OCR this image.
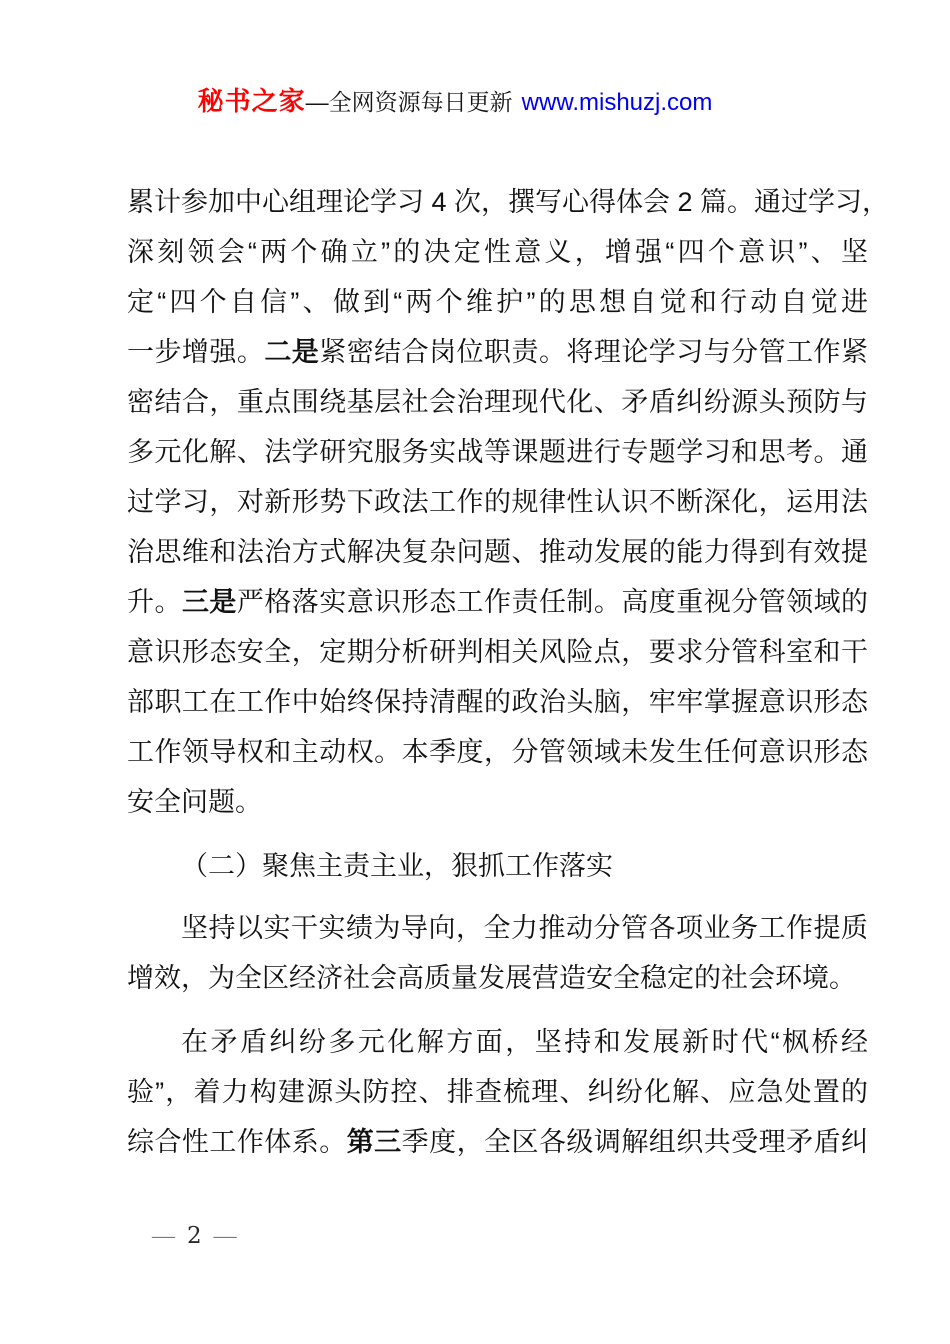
秘书之家—全网资源每日更新 www.mishuzj.com
累计参加中心组理论学习 4 次，撰写心得体会 2 篇。通过学习，
深刻领会“两个确立”的决定性意义，增强“四个意识”、坚
定“四个自信”、做到“两个维护”的思想自觉和行动自觉进
一步增强。二是紧密结合岗位职责。将理论学习与分管工作紧
密结合，重点围绕基层社会治理现代化、矛盾纠纷源头预防与
多元化解、法学研究服务实战等课题进行专题学习和思考。通
过学习，对新形势下政法工作的规律性认识不断深化，运用法
治思维和法治方式解决复杂问题、推动发展的能力得到有效提
升。三是严格落实意识形态工作责任制。高度重视分管领域的
意识形态安全，定期分析研判相关风险点，要求分管科室和干
部职工在工作中始终保持清醒的政治头脑，牢牢掌握意识形态
工作领导权和主动权。本季度，分管领域未发生任何意识形态
安全问题。
（二）聚焦主责主业，狠抓工作落实
坚持以实干实绩为导向，全力推动分管各项业务工作提质
增效，为全区经济社会高质量发展营造安全稳定的社会环境。
在矛盾纠纷多元化解方面，坚持和发展新时代“枫桥经
验”，着力构建源头防控、排查梳理、纠纷化解、应急处置的
综合性工作体系。第三季度，全区各级调解组织共受理矛盾纠
— 2 —
